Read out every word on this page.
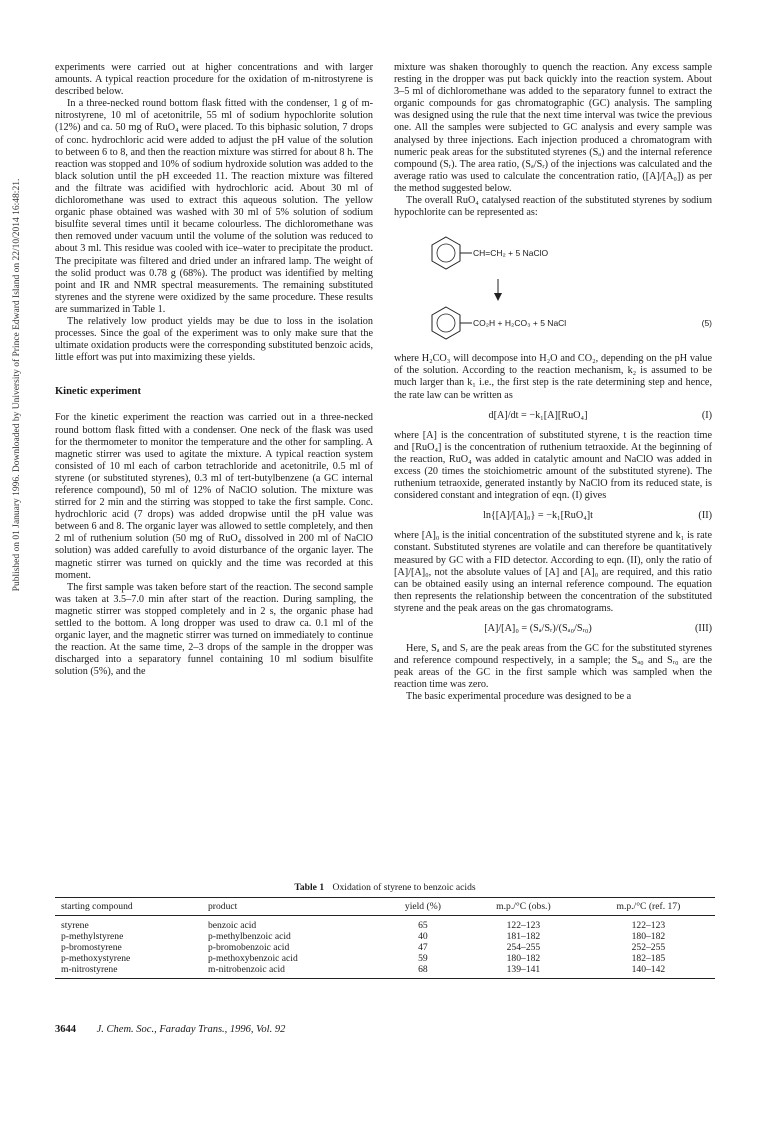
Published on 01 January 1996. Downloaded by University of Prince Edward Island on 22/10/2014 16:48:21.

experiments were carried out at higher concentrations and with larger amounts. A typical reaction procedure for the oxidation of m-nitrostyrene is described below.

In a three-necked round bottom flask fitted with the condenser, 1 g of m-nitrostyrene, 10 ml of acetonitrile, 55 ml of sodium hypochlorite solution (12%) and ca. 50 mg of RuO₄ were placed. To this biphasic solution, 7 drops of conc. hydrochloric acid were added to adjust the pH value of the solution to between 6 to 8, and then the reaction mixture was stirred for about 8 h. The reaction was stopped and 10% of sodium hydroxide solution was added to the black solution until the pH exceeded 11. The reaction mixture was filtered and the filtrate was acidified with hydrochloric acid. About 30 ml of dichloromethane was used to extract this aqueous solution. The yellow organic phase obtained was washed with 30 ml of 5% solution of sodium bisulfite several times until it became colourless. The dichloromethane was then removed under vacuum until the volume of the solution was reduced to about 3 ml. This residue was cooled with ice–water to precipitate the product. The precipitate was filtered and dried under an infrared lamp. The weight of the solid product was 0.78 g (68%). The product was identified by melting point and IR and NMR spectral measurements. The remaining substituted styrenes and the styrene were oxidized by the same procedure. These results are summarized in Table 1.

The relatively low product yields may be due to loss in the isolation processes. Since the goal of the experiment was to only make sure that the ultimate oxidation products were the corresponding substituted benzoic acids, little effort was put into maximizing these yields.

Kinetic experiment

For the kinetic experiment the reaction was carried out in a three-necked round bottom flask fitted with a condenser. One neck of the flask was used for the thermometer to monitor the temperature and the other for sampling. A magnetic stirrer was used to agitate the mixture. A typical reaction system consisted of 10 ml each of carbon tetrachloride and acetonitrile, 0.5 ml of styrene (or substituted styrenes), 0.3 ml of tert-butylbenzene (a GC internal reference compound), 50 ml of 12% of NaClO solution. The mixture was stirred for 2 min and the stirring was stopped to take the first sample. Conc. hydrochloric acid (7 drops) was added dropwise until the pH value was between 6 and 8. The organic layer was allowed to settle completely, and then 2 ml of ruthenium solution (50 mg of RuO₄ dissolved in 200 ml of NaClO solution) was added carefully to avoid disturbance of the organic layer. The magnetic stirrer was turned on quickly and the time was recorded at this moment.

The first sample was taken before start of the reaction. The second sample was taken at 3.5–7.0 min after start of the reaction. During sampling, the magnetic stirrer was stopped completely and in 2 s, the organic phase had settled to the bottom. A long dropper was used to draw ca. 0.1 ml of the organic layer, and the magnetic stirrer was turned on immediately to continue the reaction. At the same time, 2–3 drops of the sample in the dropper was discharged into a separatory funnel containing 10 ml sodium bisulfite solution (5%), and the

mixture was shaken thoroughly to quench the reaction. Any excess sample resting in the dropper was put back quickly into the reaction system. About 3–5 ml of dichloromethane was added to the separatory funnel to extract the organic compounds for gas chromatographic (GC) analysis. The sampling was designed using the rule that the next time interval was twice the previous one. All the samples were subjected to GC analysis and every sample was analysed by three injections. Each injection produced a chromatogram with numeric peak areas for the substituted styrenes (Sₐ) and the internal reference compound (Sᵣ). The area ratio, (Sₐ/Sᵣ) of the injections was calculated and the average ratio was used to calculate the concentration ratio, ([A]/[A₀]) as per the method suggested below.

The overall RuO₄ catalysed reaction of the substituted styrenes by sodium hypochlorite can be represented as:

CH=CH₂ + 5 NaClO
CO₂H + H₂CO₃ + 5 NaCl	(5)

where H₂CO₃ will decompose into H₂O and CO₂, depending on the pH value of the solution. According to the reaction mechanism, k₂ is assumed to be much larger than k₁ i.e., the first step is the rate determining step and hence, the rate law can be written as

d[A]/dt = −k₁[A][RuO₄]	(I)

where [A] is the concentration of substituted styrene, t is the reaction time and [RuO₄] is the concentration of ruthenium tetraoxide. At the beginning of the reaction, RuO₄ was added in catalytic amount and NaClO was added in excess (20 times the stoichiometric amount of the substituted styrene). The ruthenium tetraoxide, generated instantly by NaClO from its reduced state, is considered constant and integration of eqn. (I) gives

ln{[A]/[A]₀} = −k₁[RuO₄]t	(II)

where [A]₀ is the initial concentration of the substituted styrene and k₁ is rate constant. Substituted styrenes are volatile and can therefore be quantitatively measured by GC with a FID detector. According to eqn. (II), only the ratio of [A]/[A]₀, not the absolute values of [A] and [A]₀ are required, and this ratio can be obtained easily using an internal reference compound. The equation then represents the relationship between the concentration of the substituted styrene and the peak areas on the gas chromatograms.

[A]/[A]₀ = (Sₐ/Sᵣ)/(Sₐ₀/Sᵣ₀)	(III)

Here, Sₐ and Sᵣ are the peak areas from the GC for the substituted styrenes and reference compound respectively, in a sample; the Sₐ₀ and Sᵣ₀ are the peak areas of the GC in the first sample which was sampled when the reaction time was zero.

The basic experimental procedure was designed to be a

Table 1 Oxidation of styrene to benzoic acids
starting compound	product	yield (%)	m.p./°C (obs.)	m.p./°C (ref. 17)
styrene	benzoic acid	65	122–123	122–123
p-methylstyrene	p-methylbenzoic acid	40	181–182	180–182
p-bromostyrene	p-bromobenzoic acid	47	254–255	252–255
p-methoxystyrene	p-methoxybenzoic acid	59	180–182	182–185
m-nitrostyrene	m-nitrobenzoic acid	68	139–141	140–142
3644 J. Chem. Soc., Faraday Trans., 1996, Vol. 92
